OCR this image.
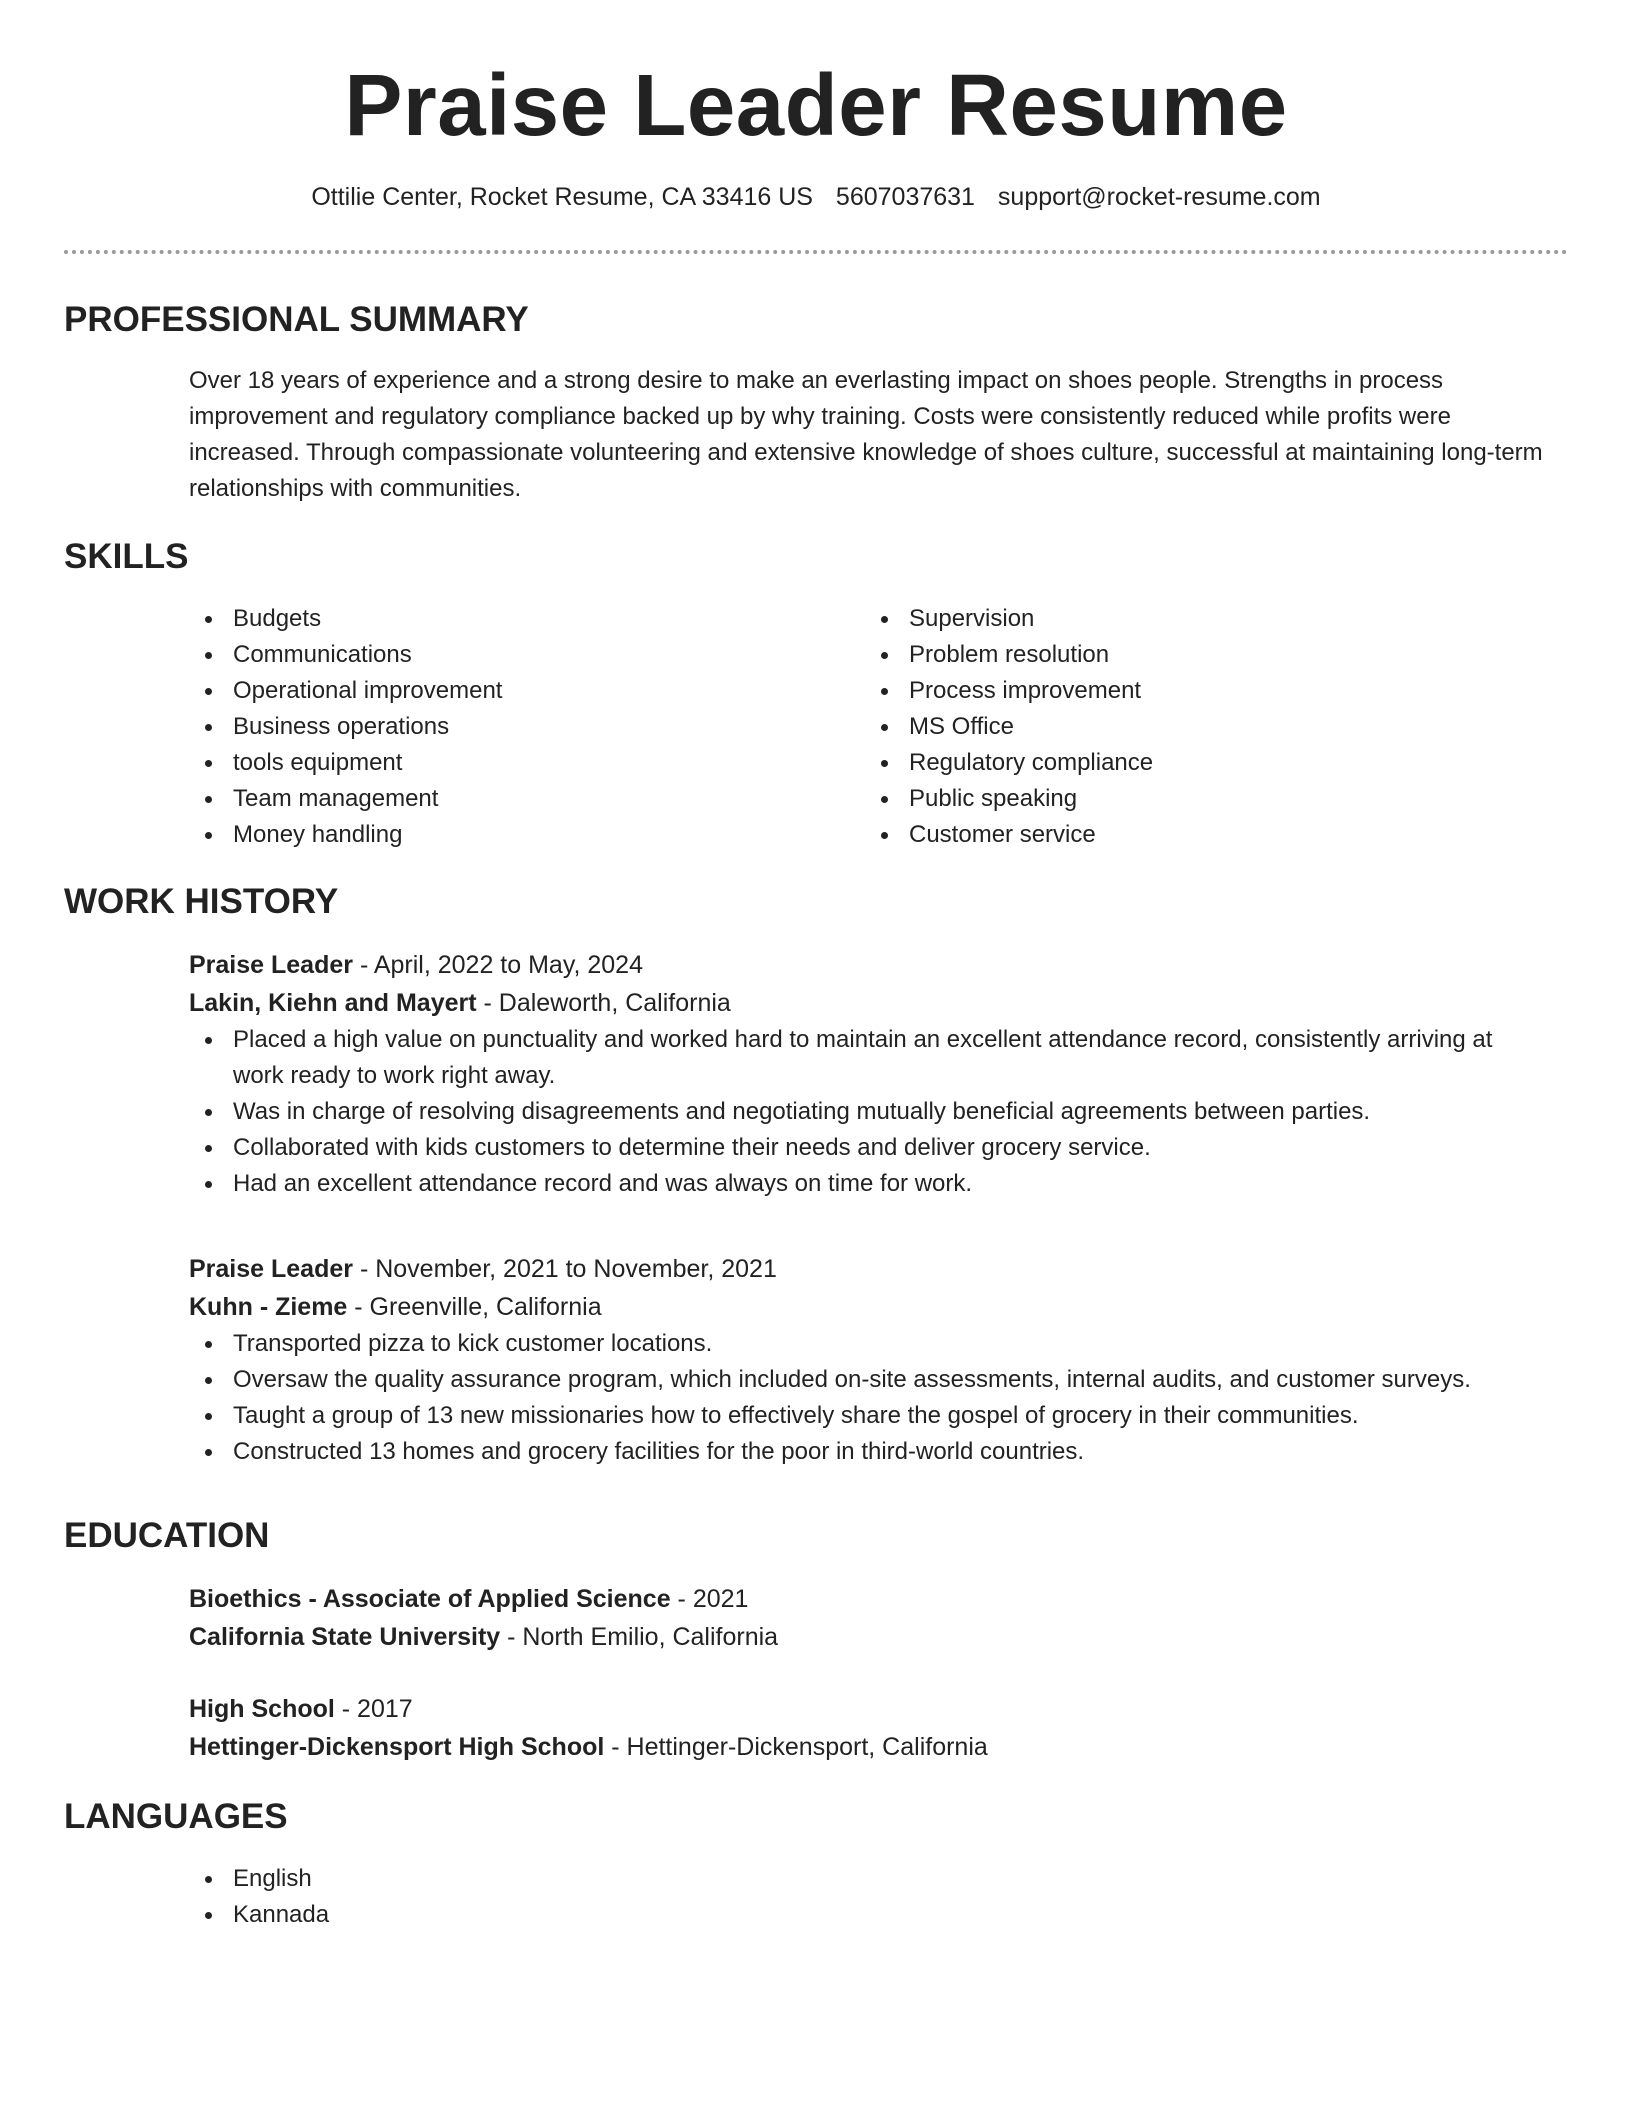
Praise Leader Resume
Ottilie Center, Rocket Resume, CA 33416 US 5607037631 support@rocket-resume.com
PROFESSIONAL SUMMARY
Over 18 years of experience and a strong desire to make an everlasting impact on shoes people. Strengths in process improvement and regulatory compliance backed up by why training. Costs were consistently reduced while profits were increased. Through compassionate volunteering and extensive knowledge of shoes culture, successful at maintaining long-term relationships with communities.
SKILLS
Budgets
Communications
Operational improvement
Business operations
tools equipment
Team management
Money handling
Supervision
Problem resolution
Process improvement
MS Office
Regulatory compliance
Public speaking
Customer service
WORK HISTORY
Praise Leader - April, 2022 to May, 2024
Lakin, Kiehn and Mayert - Daleworth, California
Placed a high value on punctuality and worked hard to maintain an excellent attendance record, consistently arriving at work ready to work right away.
Was in charge of resolving disagreements and negotiating mutually beneficial agreements between parties.
Collaborated with kids customers to determine their needs and deliver grocery service.
Had an excellent attendance record and was always on time for work.
Praise Leader - November, 2021 to November, 2021
Kuhn - Zieme - Greenville, California
Transported pizza to kick customer locations.
Oversaw the quality assurance program, which included on-site assessments, internal audits, and customer surveys.
Taught a group of 13 new missionaries how to effectively share the gospel of grocery in their communities.
Constructed 13 homes and grocery facilities for the poor in third-world countries.
EDUCATION
Bioethics - Associate of Applied Science - 2021
California State University - North Emilio, California
High School - 2017
Hettinger-Dickensport High School - Hettinger-Dickensport, California
LANGUAGES
English
Kannada
